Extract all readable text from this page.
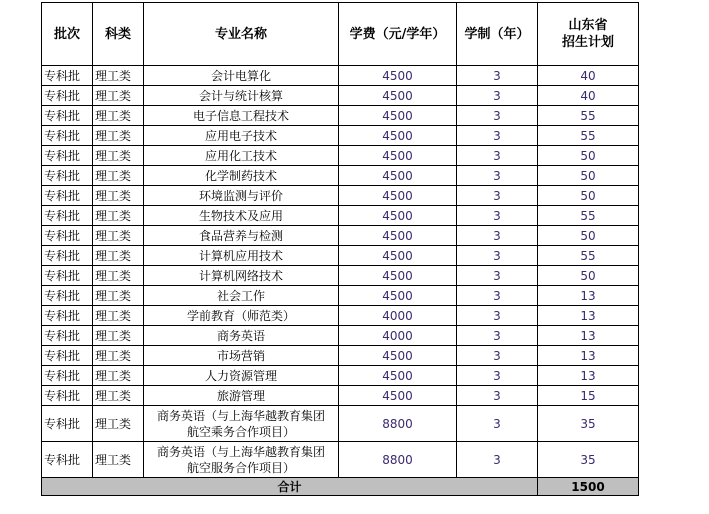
批次	科类	专业名称	学费（元/学年）	学制（年）	山东省
招生计划

专科批	理工类	会计电算化	4500	3	40
专科批	理工类	会计与统计核算	4500	3	40
专科批	理工类	电子信息工程技术	4500	3	55
专科批	理工类	应用电子技术	4500	3	55
专科批	理工类	应用化工技术	4500	3	50
专科批	理工类	化学制药技术	4500	3	50
专科批	理工类	环境监测与评价	4500	3	50
专科批	理工类	生物技术及应用	4500	3	55
专科批	理工类	食品营养与检测	4500	3	50
专科批	理工类	计算机应用技术	4500	3	55
专科批	理工类	计算机网络技术	4500	3	50
专科批	理工类	社会工作	4500	3	13
专科批	理工类	学前教育（师范类）	4000	3	13
专科批	理工类	商务英语	4000	3	13
专科批	理工类	市场营销	4500	3	13
专科批	理工类	人力资源管理	4500	3	13
专科批	理工类	旅游管理	4500	3	15
专科批	理工类	商务英语（与上海华越教育集团
航空乘务合作项目）	8800	3	35
专科批	理工类	商务英语（与上海华越教育集团
航空服务合作项目）	8800	3	35
合计					1500
